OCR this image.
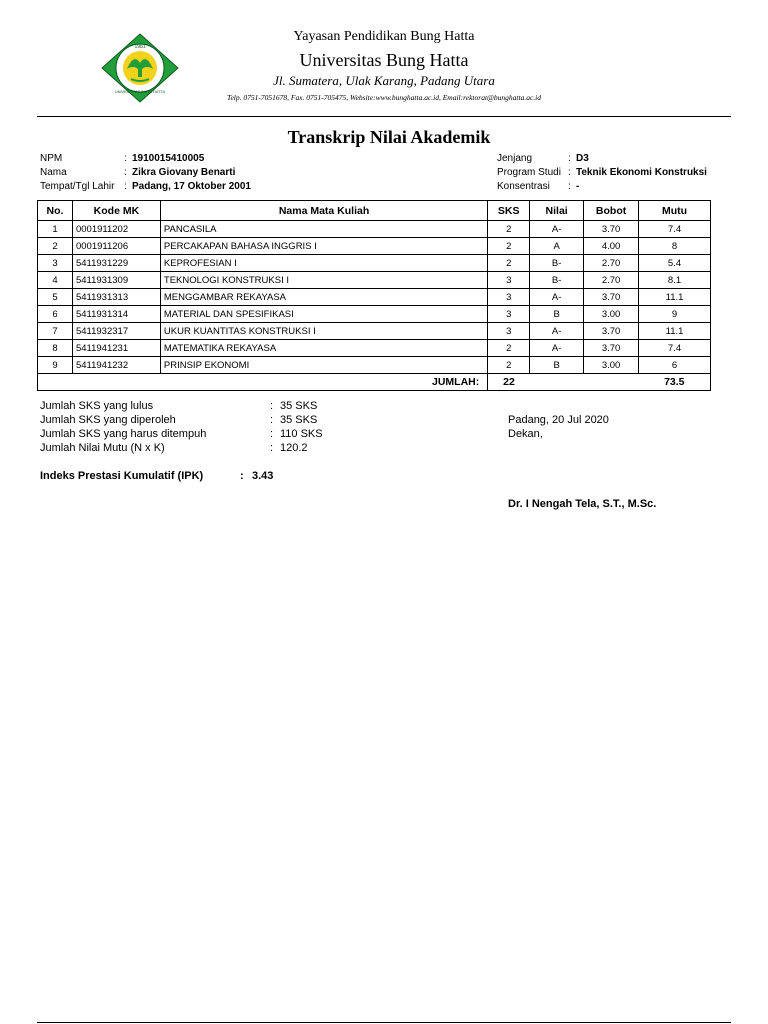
1981
UNIVERSITAS BUNG HATTA
Yayasan Pendidikan Bung Hatta
Universitas Bung Hatta
Jl. Sumatera, Ulak Karang, Padang Utara
Telp. 0751-7051678, Fax. 0751-705475, Website:www.bunghatta.ac.id, Email:rektorat@bunghatta.ac.id
Transkrip Nilai Akademik
NPM	: 1910015410005
Nama	: Zikra Giovany Benarti
Tempat/Tgl Lahir : Padang, 17 Oktober 2001
Jenjang	: D3
Program Studi : Teknik Ekonomi Konstruksi
Konsentrasi	: -
No.	Kode MK	Nama Mata Kuliah	SKS	Nilai	Bobot	Mutu
1	0001911202	PANCASILA	2	A-	3.70	7.4
2	0001911206	PERCAKAPAN BAHASA INGGRIS I	2	A	4.00	8
3	5411931229	KEPROFESIAN I	2	B-	2.70	5.4
4	5411931309	TEKNOLOGI KONSTRUKSI I	3	B-	2.70	8.1
5	5411931313	MENGGAMBAR REKAYASA	3	A-	3.70	11.1
6	5411931314	MATERIAL DAN SPESIFIKASI	3	B	3.00	9
7	5411932317	UKUR KUANTITAS KONSTRUKSI I	3	A-	3.70	11.1
8	5411941231	MATEMATIKA REKAYASA	2	A-	3.70	7.4
9	5411941232	PRINSIP EKONOMI	2	B	3.00	6
JUMLAH:			22			73.5
Jumlah SKS yang lulus	: 35 SKS
Jumlah SKS yang diperoleh	: 35 SKS
Jumlah SKS yang harus ditempuh	: 110 SKS
Jumlah Nilai Mutu (N x K)	: 120.2
Indeks Prestasi Kumulatif (IPK)	: 3.43
Padang, 20 Jul 2020
Dekan,
Dr. I Nengah Tela, S.T., M.Sc.
